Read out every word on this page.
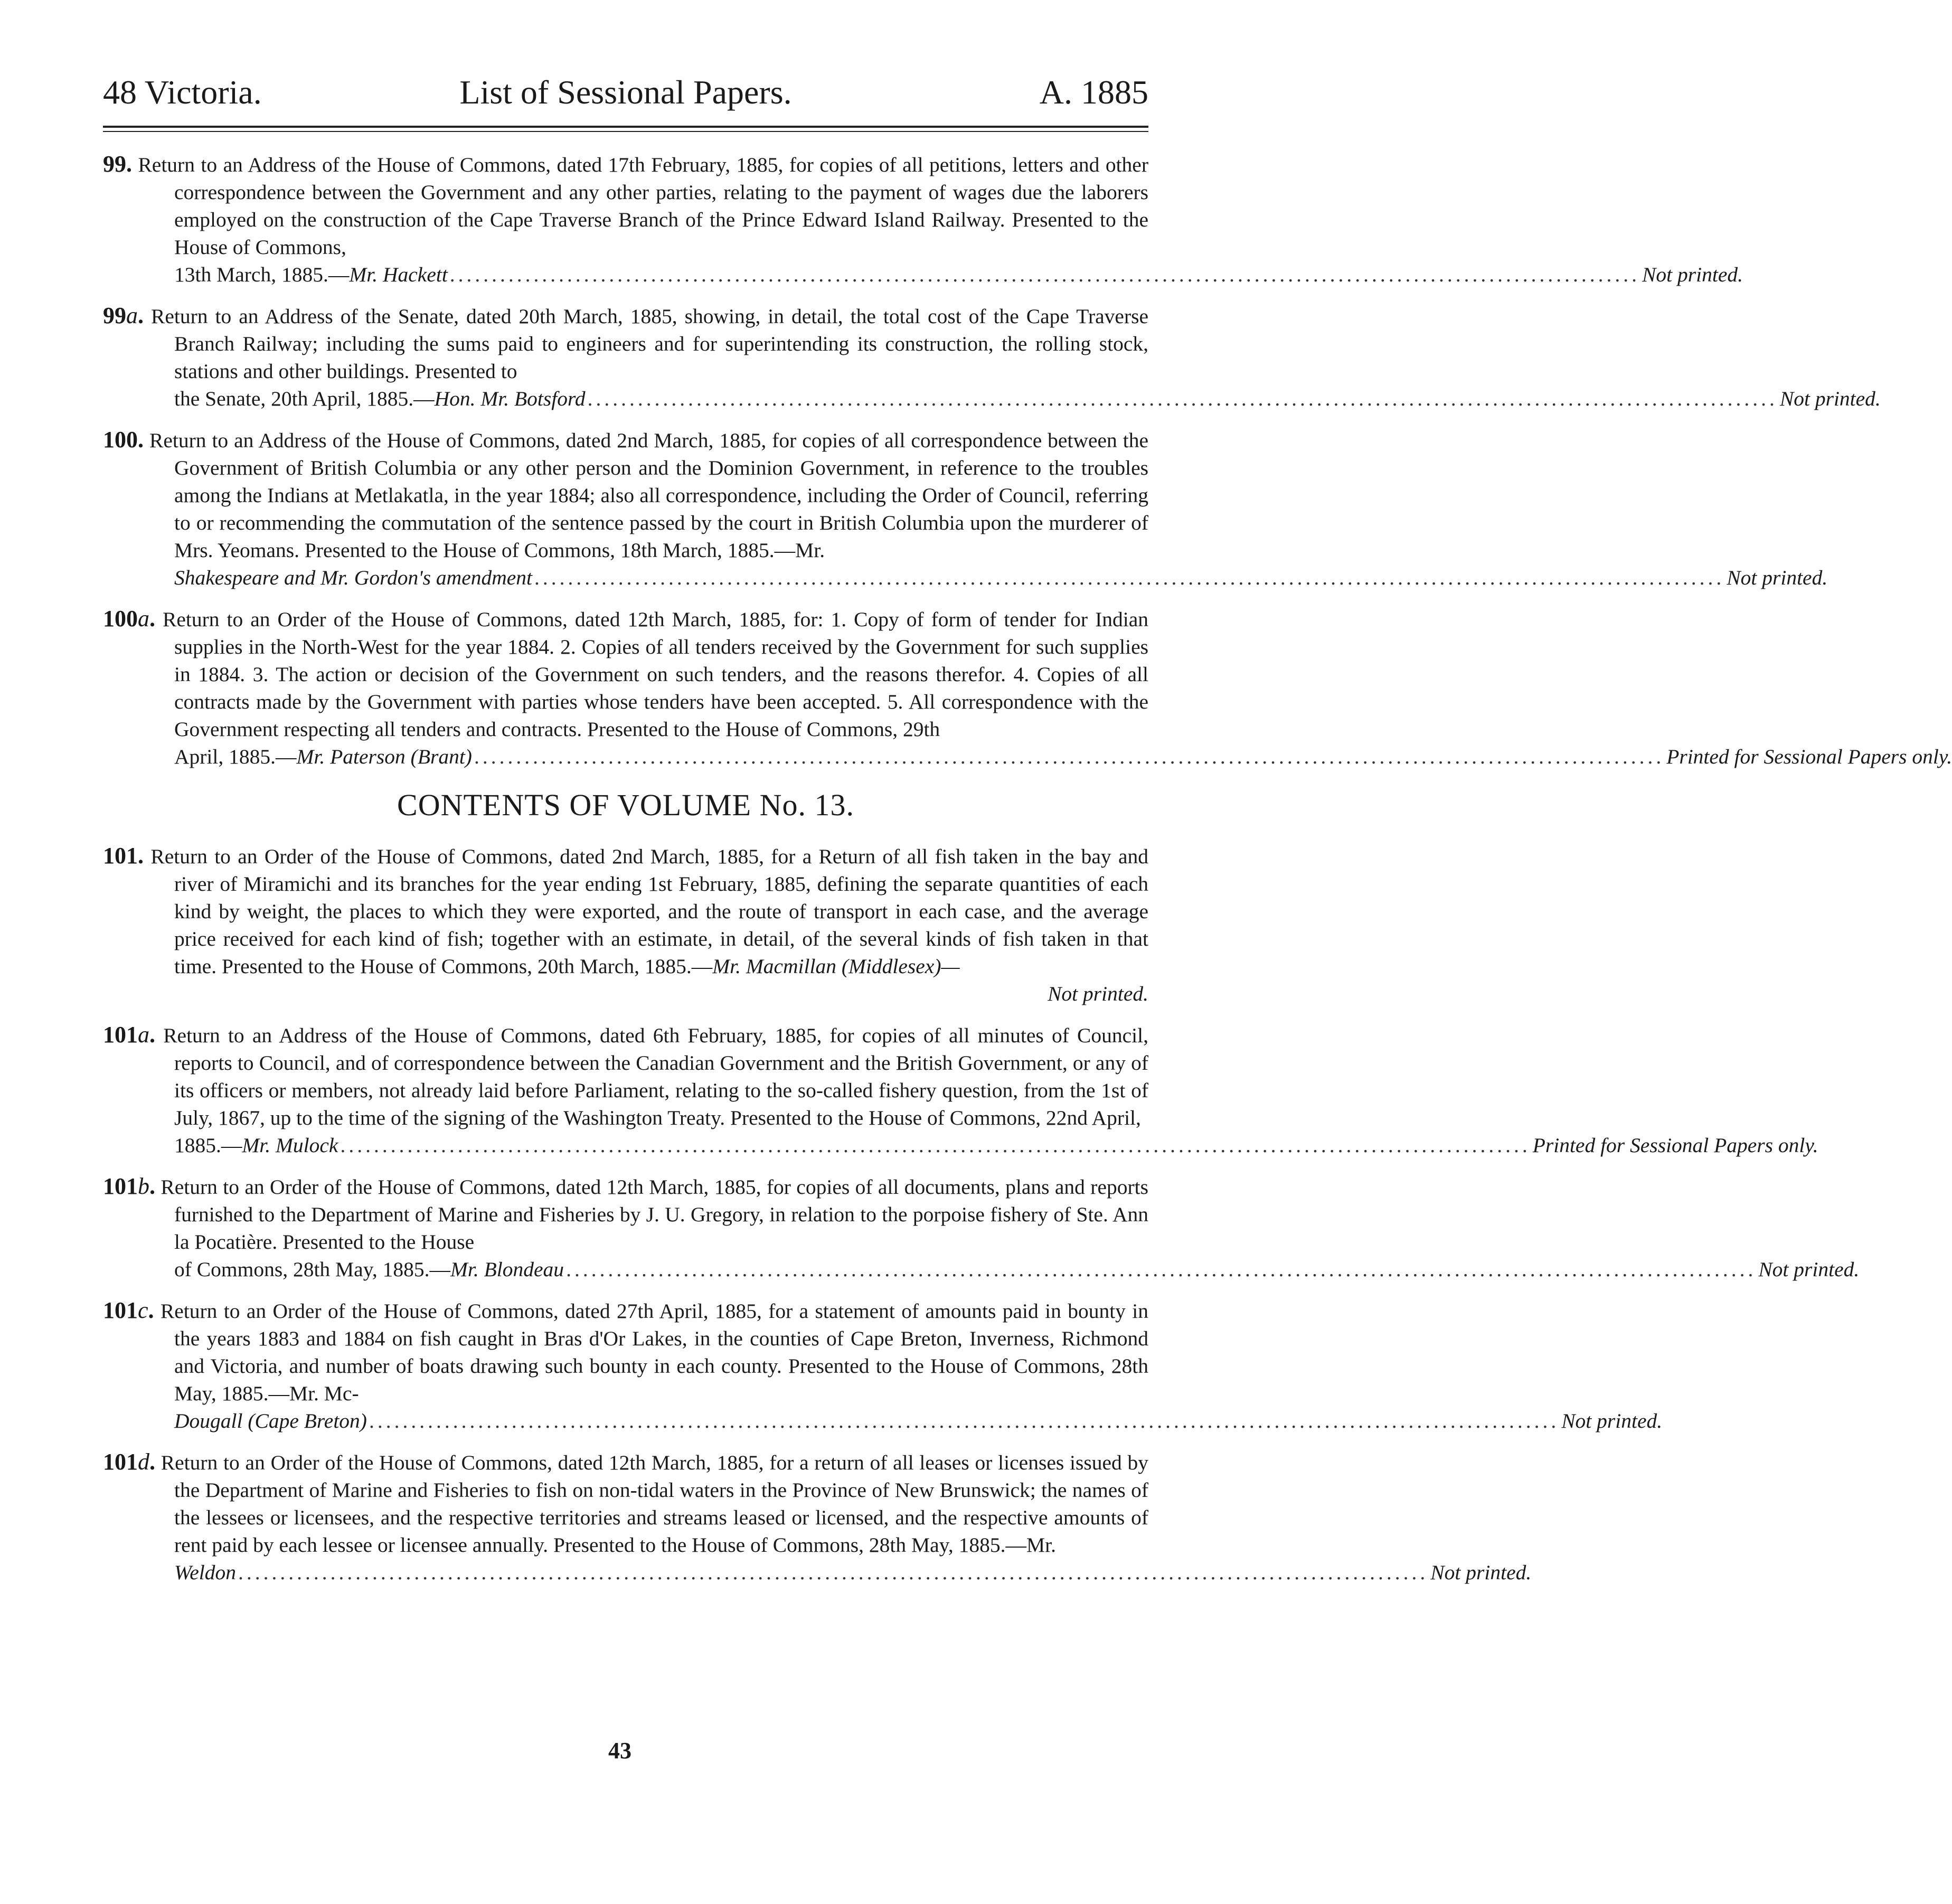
48 Victoria.	List of Sessional Papers.	A. 1885
99. Return to an Address of the House of Commons, dated 17th February, 1885, for copies of all petitions, letters and other correspondence between the Government and any other parties, relating to the payment of wages due the laborers employed on the construction of the Cape Traverse Branch of the Prince Edward Island Railway. Presented to the House of Commons,
13th March, 1885.—Mr. Hackett .............................................................................................................................................. Not printed.
99a. Return to an Address of the Senate, dated 20th March, 1885, showing, in detail, the total cost of the Cape Traverse Branch Railway; including the sums paid to engineers and for superintending its construction, the rolling stock, stations and other buildings. Presented to
the Senate, 20th April, 1885.—Hon. Mr. Botsford .............................................................................................................................................. Not printed.
100. Return to an Address of the House of Commons, dated 2nd March, 1885, for copies of all correspondence between the Government of British Columbia or any other person and the Dominion Government, in reference to the troubles among the Indians at Metlakatla, in the year 1884; also all correspondence, including the Order of Council, referring to or recommending the commutation of the sentence passed by the court in British Columbia upon the murderer of Mrs. Yeomans. Presented to the House of Commons, 18th March, 1885.—Mr.
Shakespeare and Mr. Gordon's amendment .............................................................................................................................................. Not printed.
100a. Return to an Order of the House of Commons, dated 12th March, 1885, for: 1. Copy of form of tender for Indian supplies in the North-West for the year 1884. 2. Copies of all tenders received by the Government for such supplies in 1884. 3. The action or decision of the Government on such tenders, and the reasons therefor. 4. Copies of all contracts made by the Government with parties whose tenders have been accepted. 5. All correspondence with the Government respecting all tenders and contracts. Presented to the House of Commons, 29th
April, 1885.—Mr. Paterson (Brant) .............................................................................................................................................. Printed for Sessional Papers only.
CONTENTS OF VOLUME No. 13.
101. Return to an Order of the House of Commons, dated 2nd March, 1885, for a Return of all fish taken in the bay and river of Miramichi and its branches for the year ending 1st February, 1885, defining the separate quantities of each kind by weight, the places to which they were exported, and the route of transport in each case, and the average price received for each kind of fish; together with an estimate, in detail, of the several kinds of fish taken in that time. Presented to the House of Commons, 20th March, 1885.—Mr. Macmillan (Middlesex)—
Not printed.
101a. Return to an Address of the House of Commons, dated 6th February, 1885, for copies of all minutes of Council, reports to Council, and of correspondence between the Canadian Government and the British Government, or any of its officers or members, not already laid before Parliament, relating to the so-called fishery question, from the 1st of July, 1867, up to the time of the signing of the Washington Treaty. Presented to the House of Commons, 22nd April,
1885.—Mr. Mulock .............................................................................................................................................. Printed for Sessional Papers only.
101b. Return to an Order of the House of Commons, dated 12th March, 1885, for copies of all documents, plans and reports furnished to the Department of Marine and Fisheries by J. U. Gregory, in relation to the porpoise fishery of Ste. Ann la Pocatière. Presented to the House
of Commons, 28th May, 1885.—Mr. Blondeau .............................................................................................................................................. Not printed.
101c. Return to an Order of the House of Commons, dated 27th April, 1885, for a statement of amounts paid in bounty in the years 1883 and 1884 on fish caught in Bras d'Or Lakes, in the counties of Cape Breton, Inverness, Richmond and Victoria, and number of boats drawing such bounty in each county. Presented to the House of Commons, 28th May, 1885.—Mr. Mc-
Dougall (Cape Breton) .............................................................................................................................................. Not printed.
101d. Return to an Order of the House of Commons, dated 12th March, 1885, for a return of all leases or licenses issued by the Department of Marine and Fisheries to fish on non-tidal waters in the Province of New Brunswick; the names of the lessees or licensees, and the respective territories and streams leased or licensed, and the respective amounts of rent paid by each lessee or licensee annually. Presented to the House of Commons, 28th May, 1885.—Mr.
Weldon .............................................................................................................................................. Not printed.
43
